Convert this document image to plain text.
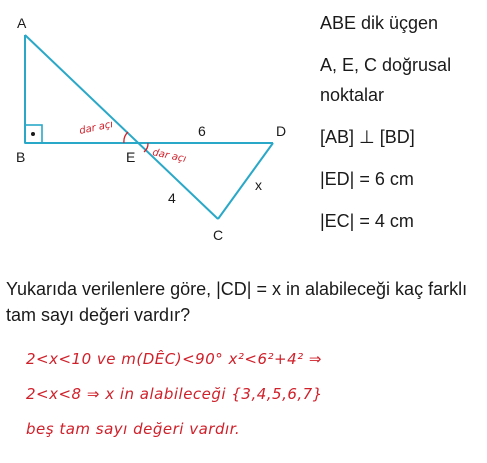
A
B	E
D
C
6
4
x
dar açı
dar açı
ABE dik üçgen
A, E, C doğrusal
noktalar
[AB] ⊥ [BD]
|ED| = 6 cm
|EC| = 4 cm
Yukarıda verilenlere göre, |CD| = x in alabileceği kaç farklı tam sayı değeri vardır?
2<x<10 ve m(DÊC)<90° x²<6²+4² ⇒
2<x<8 ⇒ x in alabileceği {3,4,5,6,7}
beş tam sayı değeri vardır.
